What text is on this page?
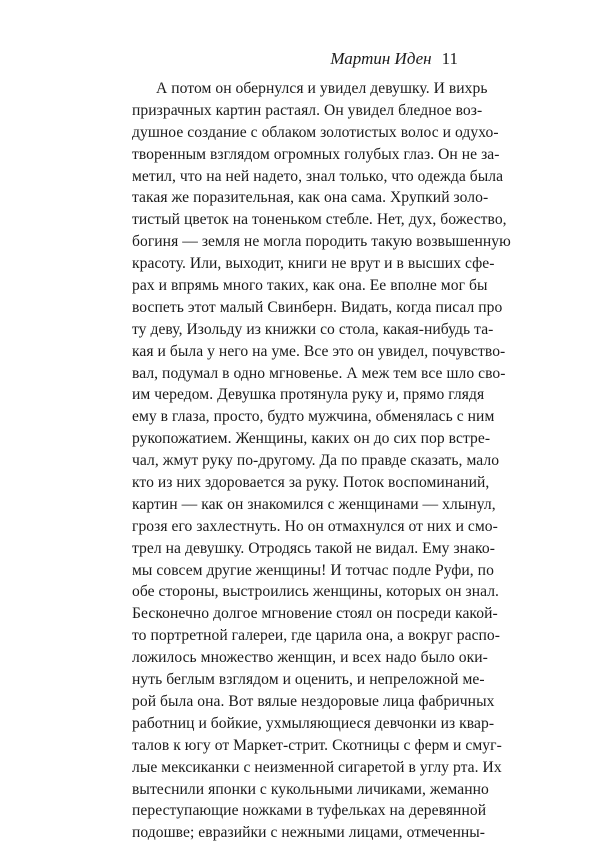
Мартин Иден 11
А потом он обернулся и увидел девушку. И вихрь
призрачных картин растаял. Он увидел бледное воз-
душное создание с облаком золотистых волос и одухо-
творенным взглядом огромных голубых глаз. Он не за-
метил, что на ней надето, знал только, что одежда была
такая же поразительная, как она сама. Хрупкий золо-
тистый цветок на тоненьком стебле. Нет, дух, божество,
богиня — земля не могла породить такую возвышенную
красоту. Или, выходит, книги не врут и в высших сфе-
рах и впрямь много таких, как она. Ее вполне мог бы
воспеть этот малый Свинберн. Видать, когда писал про
ту деву, Изольду из книжки со стола, какая-нибудь та-
кая и была у него на уме. Все это он увидел, почувство-
вал, подумал в одно мгновенье. А меж тем все шло сво-
им чередом. Девушка протянула руку и, прямо глядя
ему в глаза, просто, будто мужчина, обменялась с ним
рукопожатием. Женщины, каких он до сих пор встре-
чал, жмут руку по-другому. Да по правде сказать, мало
кто из них здоровается за руку. Поток воспоминаний,
картин — как он знакомился с женщинами — хлынул,
грозя его захлестнуть. Но он отмахнулся от них и смо-
трел на девушку. Отродясь такой не видал. Ему знако-
мы совсем другие женщины! И тотчас подле Руфи, по
обе стороны, выстроились женщины, которых он знал.
Бесконечно долгое мгновение стоял он посреди какой-
то портретной галереи, где царила она, а вокруг распо-
ложилось множество женщин, и всех надо было оки-
нуть беглым взглядом и оценить, и непреложной ме-
рой была она. Вот вялые нездоровые лица фабричных
работниц и бойкие, ухмыляющиеся девчонки из квар-
талов к югу от Маркет-стрит. Скотницы с ферм и смуг-
лые мексиканки с неизменной сигаретой в углу рта. Их
вытеснили японки с кукольными личиками, жеманно
переступающие ножками в туфельках на деревянной
подошве; евразийки с нежными лицами, отмеченны-
